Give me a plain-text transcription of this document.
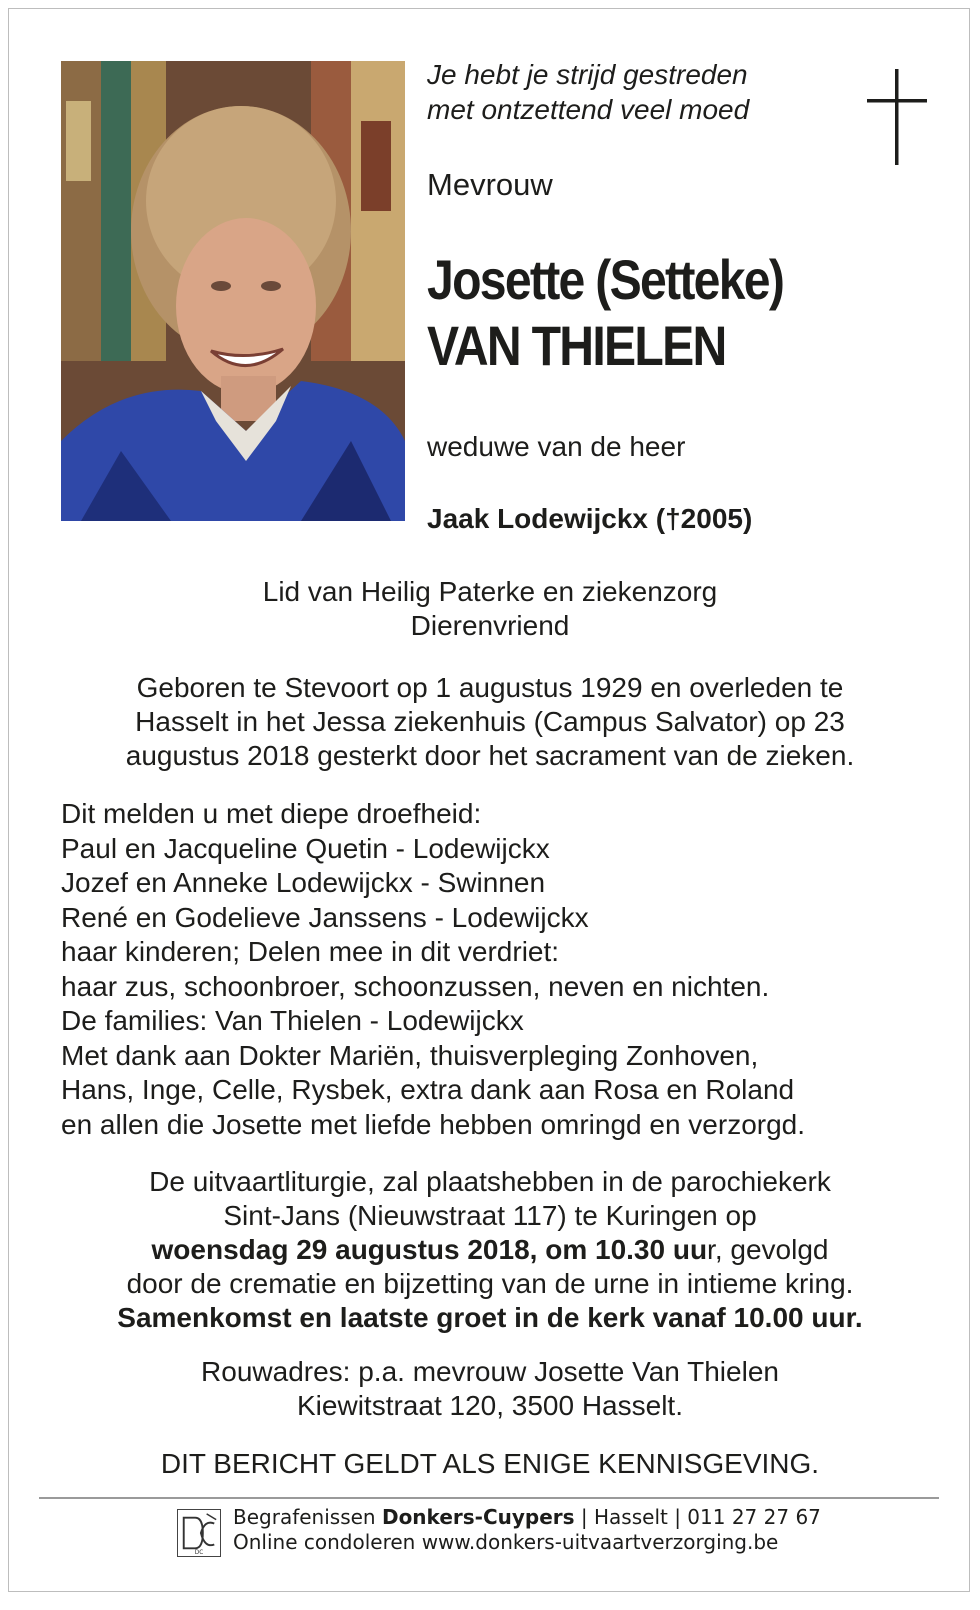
Je hebt je strijd gestreden
met ontzettend veel moed
Mevrouw
Josette (Setteke)
VAN THIELEN
weduwe van de heer
Jaak Lodewijckx (†2005)
Lid van Heilig Paterke en ziekenzorg
Dierenvriend
Geboren te Stevoort op 1 augustus 1929 en overleden te
Hasselt in het Jessa ziekenhuis (Campus Salvator) op 23
augustus 2018 gesterkt door het sacrament van de zieken.
Dit melden u met diepe droefheid:
Paul en Jacqueline Quetin - Lodewijckx
Jozef en Anneke Lodewijckx - Swinnen
René en Godelieve Janssens - Lodewijckx
haar kinderen; Delen mee in dit verdriet:
haar zus, schoonbroer, schoonzussen, neven en nichten.
De families: Van Thielen - Lodewijckx
Met dank aan Dokter Mariën, thuisverpleging Zonhoven,
Hans, Inge, Celle, Rysbek, extra dank aan Rosa en Roland
en allen die Josette met liefde hebben omringd en verzorgd.
De uitvaartliturgie, zal plaatshebben in de parochiekerk
Sint-Jans (Nieuwstraat 117) te Kuringen op
woensdag 29 augustus 2018, om 10.30 uur, gevolgd
door de crematie en bijzetting van de urne in intieme kring.
Samenkomst en laatste groet in de kerk vanaf 10.00 uur.
Rouwadres: p.a. mevrouw Josette Van Thielen
Kiewitstraat 120, 3500 Hasselt.
DIT BERICHT GELDT ALS ENIGE KENNISGEVING.
DC
Begrafenissen Donkers-Cuypers | Hasselt | 011 27 27 67
Online condoleren www.donkers-uitvaartverzorging.be
